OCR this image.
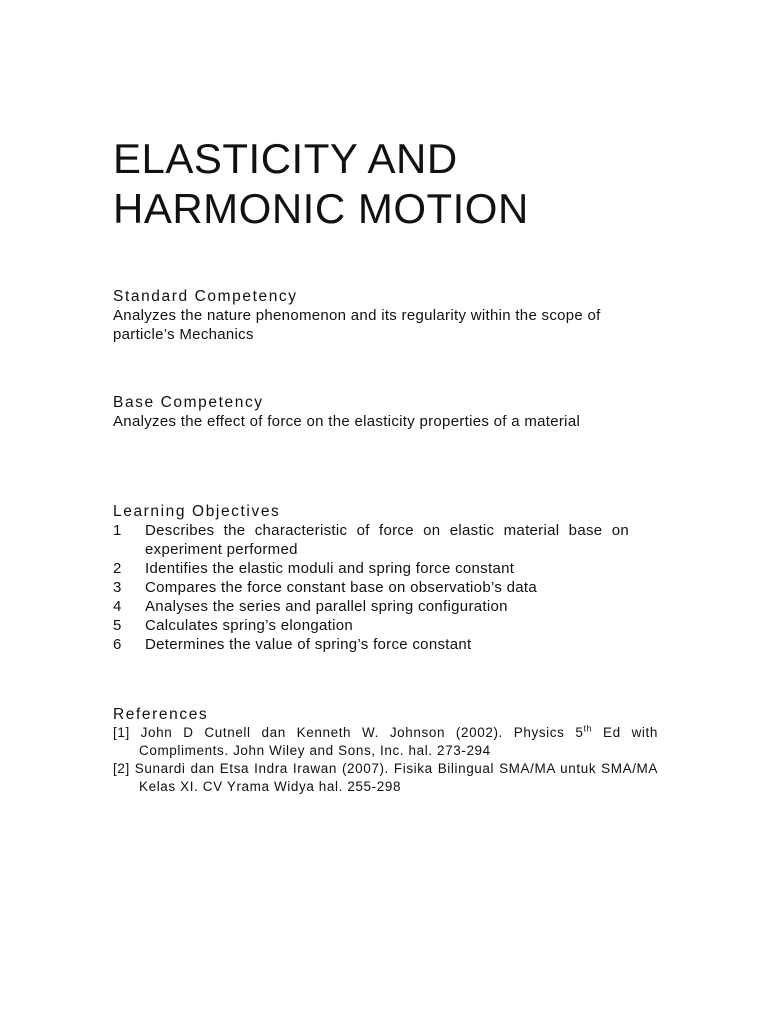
ELASTICITY AND
HARMONIC MOTION

Standard Competency

Analyzes the nature phenomenon and its regularity within the scope of particle’s Mechanics

Base Competency

Analyzes the effect of force on the elasticity properties of a material

Learning Objectives

1	Describes the characteristic of force on elastic material base on experiment performed
2	Identifies the elastic moduli and spring force constant
3	Compares the force constant base on observatiob’s data
4	Analyses the series and parallel spring configuration
5	Calculates spring’s elongation
6	Determines the value of spring’s force constant

References

[1] John D Cutnell dan Kenneth W. Johnson (2002). Physics 5th Ed with Compliments. John Wiley and Sons, Inc. hal. 273-294
[2] Sunardi dan Etsa Indra Irawan (2007). Fisika Bilingual SMA/MA untuk SMA/MA Kelas XI. CV Yrama Widya hal. 255-298
